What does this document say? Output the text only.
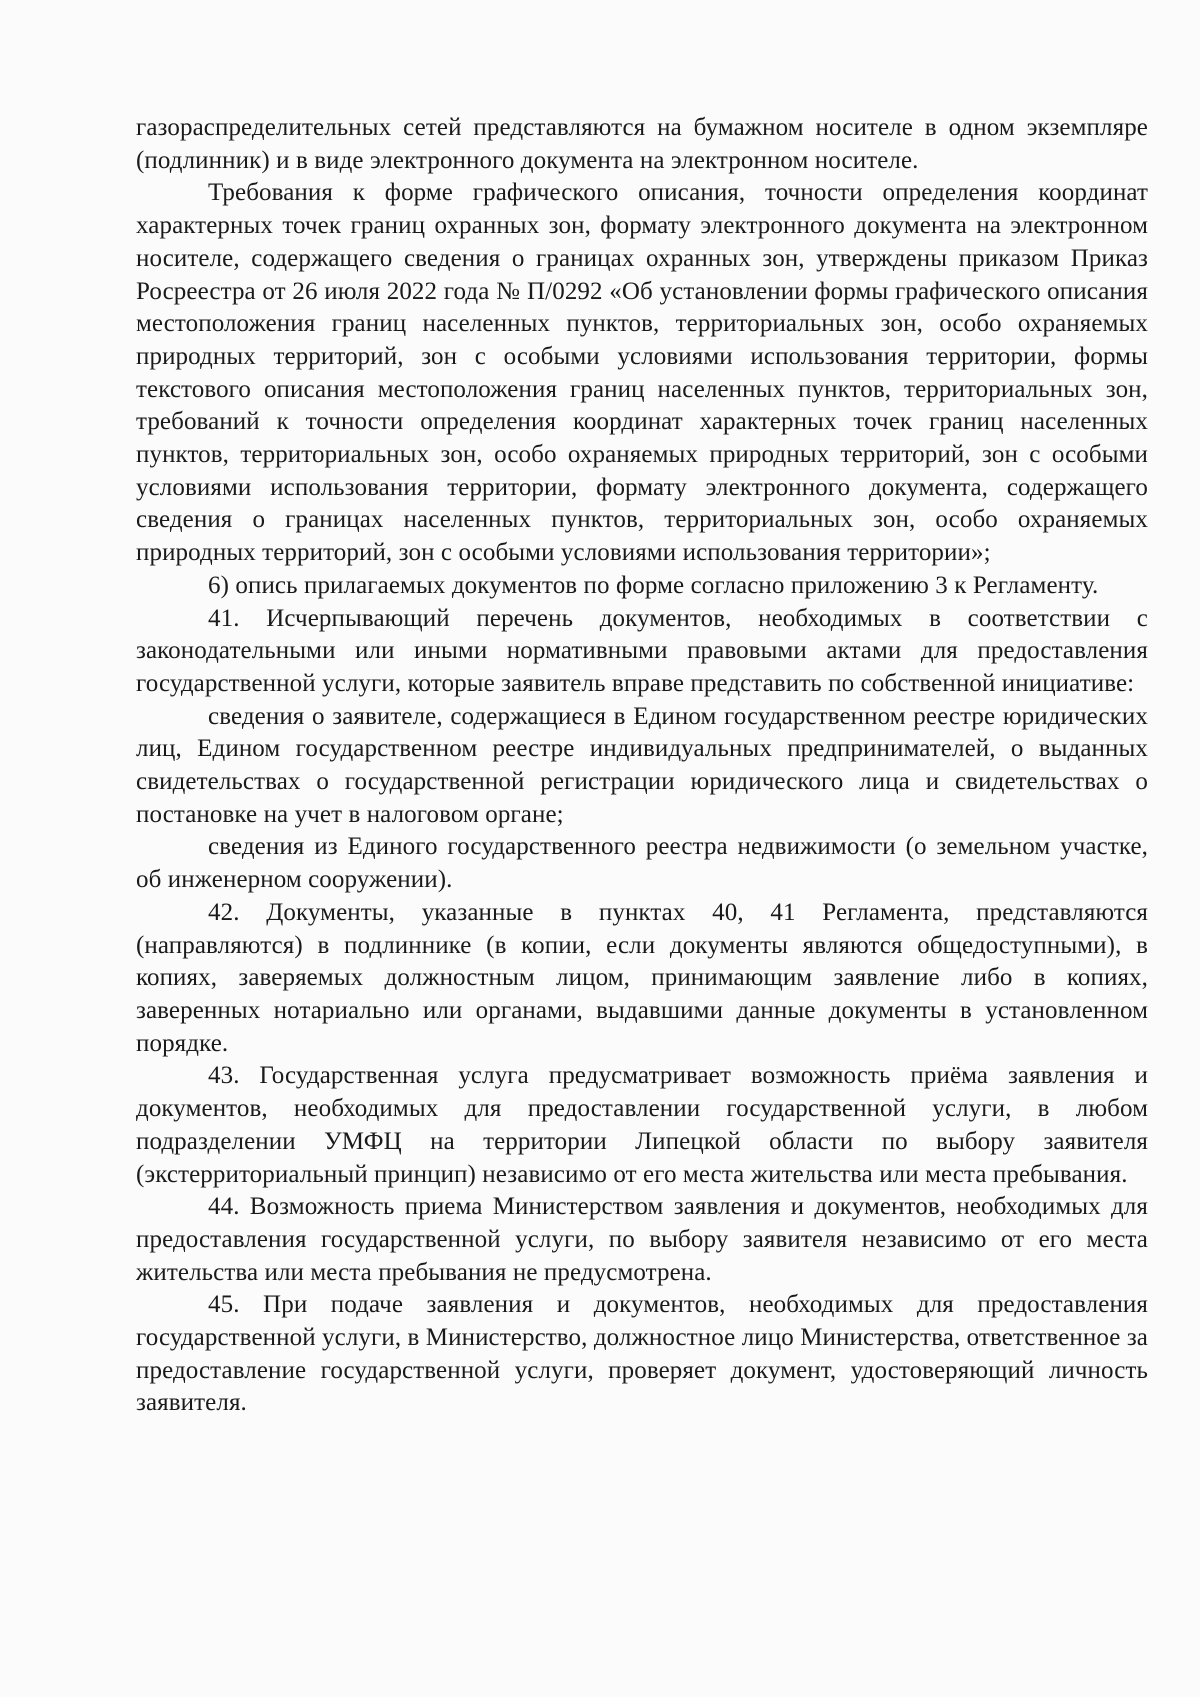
газораспределительных сетей представляются на бумажном носителе в одном экземпляре (подлинник) и в виде электронного документа на электронном носителе.

Требования к форме графического описания, точности определения координат характерных точек границ охранных зон, формату электронного документа на электронном носителе, содержащего сведения о границах охранных зон, утверждены приказом Приказ Росреестра от 26 июля 2022 года № П/0292 «Об установлении формы графического описания местоположения границ населенных пунктов, территориальных зон, особо охраняемых природных территорий, зон с особыми условиями использования территории, формы текстового описания местоположения границ населенных пунктов, территориальных зон, требований к точности определения координат характерных точек границ населенных пунктов, территориальных зон, особо охраняемых природных территорий, зон с особыми условиями использования территории, формату электронного документа, содержащего сведения о границах населенных пунктов, территориальных зон, особо охраняемых природных территорий, зон с особыми условиями использования территории»;

6) опись прилагаемых документов по форме согласно приложению 3 к Регламенту.

41. Исчерпывающий перечень документов, необходимых в соответствии с законодательными или иными нормативными правовыми актами для предоставления государственной услуги, которые заявитель вправе представить по собственной инициативе:

сведения о заявителе, содержащиеся в Едином государственном реестре юридических лиц, Едином государственном реестре индивидуальных предпринимателей, о выданных свидетельствах о государственной регистрации юридического лица и свидетельствах о постановке на учет в налоговом органе;

сведения из Единого государственного реестра недвижимости (о земельном участке, об инженерном сооружении).

42. Документы, указанные в пунктах 40, 41 Регламента, представляются (направляются) в подлиннике (в копии, если документы являются общедоступными), в копиях, заверяемых должностным лицом, принимающим заявление либо в копиях, заверенных нотариально или органами, выдавшими данные документы в установленном порядке.

43. Государственная услуга предусматривает возможность приёма заявления и документов, необходимых для предоставлении государственной услуги, в любом подразделении УМФЦ на территории Липецкой области по выбору заявителя (экстерриториальный принцип) независимо от его места жительства или места пребывания.

44. Возможность приема Министерством заявления и документов, необходимых для предоставления государственной услуги, по выбору заявителя независимо от его места жительства или места пребывания не предусмотрена.

45. При подаче заявления и документов, необходимых для предоставления государственной услуги, в Министерство, должностное лицо Министерства, ответственное за предоставление государственной услуги, проверяет документ, удостоверяющий личность заявителя.
